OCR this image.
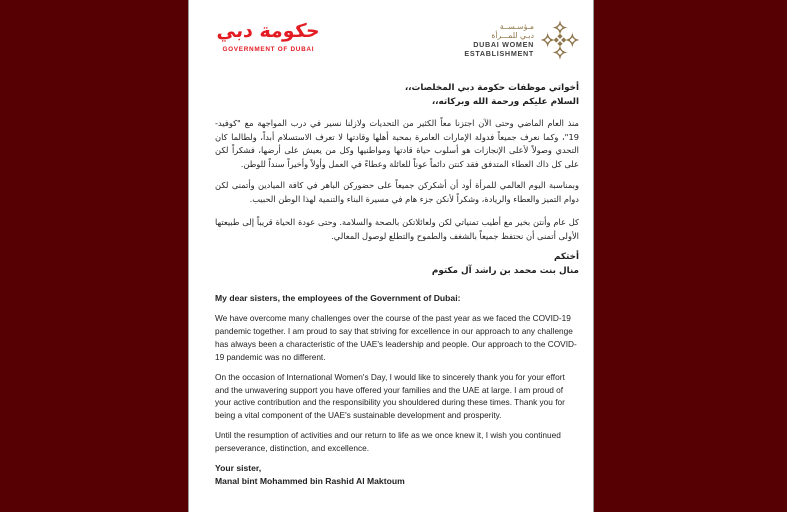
حكومة دبي
GOVERNMENT OF DUBAI
مـؤسـســة
دبـي للمـــرأة
DUBAI WOMEN
ESTABLISHMENT
أخواتي موظفات حكومة دبي المخلصات،،
السلام عليكم ورحمة الله وبركاته،،

منذ العام الماضي وحتى الآن اجتزنا معاً الكثير من التحديات ولازلنا نسير في درب المواجهة مع "كوفيد- 19"، وكما نعرف جميعاً فدولة الإمارات العامرة بمحبة أهلها وقادتها لا تعرف الاستسلام أبداً، ولطالما كان التحدي وصولاً لأعلى الإنجازات هو أسلوب حياة قادتها ومواطنيها وكل من يعيش على أرضها، فشكراً لكن على كل ذاك العطاء المتدفق فقد كنتن دائماً عوناً للعائلة وعطاءً في العمل وأولاً وأخيراً سنداً للوطن.

وبمناسبة اليوم العالمي للمرأة أود أن أشكركن جميعاً على حضوركن الباهر في كافة الميادين وأتمنى لكن دوام التميز والعطاء والريادة، وشكراً لأنكن جزء هام في مسيرة البناء والتنمية لهذا الوطن الحبيب.

كل عام وأنتن بخير مع أطيب تمنياتي لكن ولعائلاتكن بالصحة والسلامة. وحتى عودة الحياة قريباً إلى طبيعتها الأولى أتمنى أن نحتفظ جميعاً بالشغف والطموح والتطلع لوصول المعالي.

أختكم
منال بنت محمد بن راشد آل مكتوم
My dear sisters, the employees of the Government of Dubai:

We have overcome many challenges over the course of the past year as we faced the COVID-19 pandemic together. I am proud to say that striving for excellence in our approach to any challenge has always been a characteristic of the UAE's leadership and people. Our approach to the COVID-19 pandemic was no different.

On the occasion of International Women's Day, I would like to sincerely thank you for your effort and the unwavering support you have offered your families and the UAE at large. I am proud of your active contribution and the responsibility you shouldered during these times. Thank you for being a vital component of the UAE's sustainable development and prosperity.

Until the resumption of activities and our return to life as we once knew it, I wish you continued perseverance, distinction, and excellence.

Your sister,
Manal bint Mohammed bin Rashid Al Maktoum
